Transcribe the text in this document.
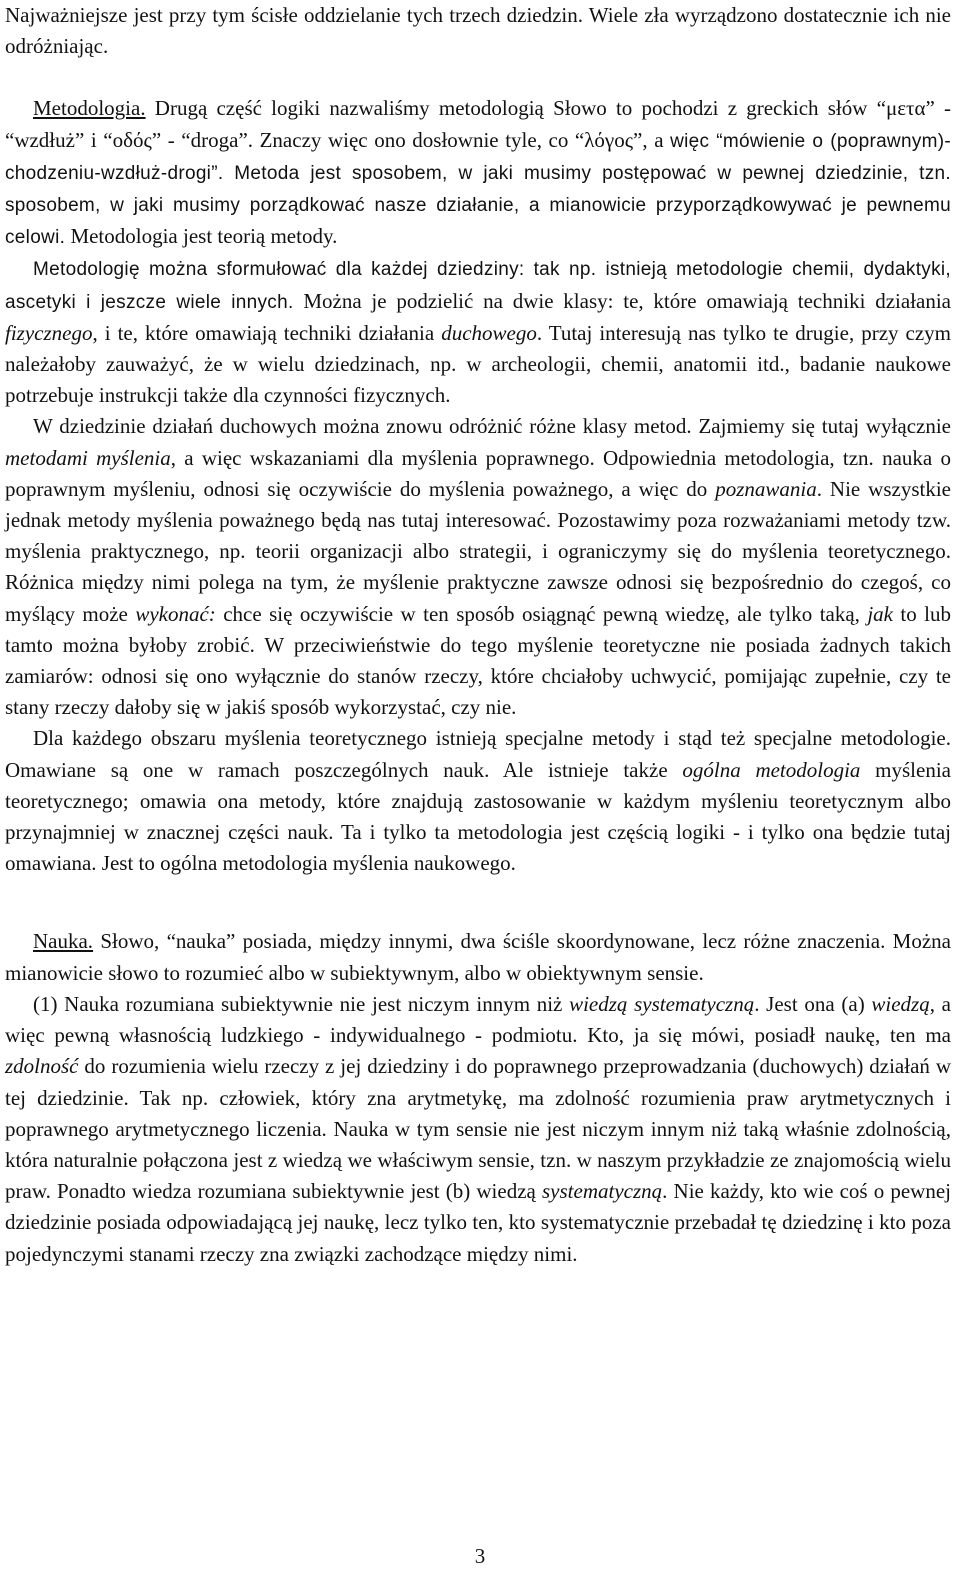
Najważniejsze jest przy tym ścisłe oddzielanie tych trzech dziedzin. Wiele zła wyrządzono dostatecznie ich nie odróżniając.

Metodologia. Drugą część logiki nazwaliśmy metodologią Słowo to pochodzi z greckich słów “μετα” - “wzdłuż” i “οδός” - “droga”. Znaczy więc ono dosłownie tyle, co “λόγος”, a więc “mówienie o (poprawnym)-chodzeniu-wzdłuż-drogi”. Metoda jest sposobem, w jaki musimy postępować w pewnej dziedzinie, tzn. sposobem, w jaki musimy porządkować nasze działanie, a mianowicie przyporządkowywać je pewnemu celowi. Metodologia jest teorią metody.

Metodologię można sformułować dla każdej dziedziny: tak np. istnieją metodologie chemii, dydaktyki, ascetyki i jeszcze wiele innych. Można je podzielić na dwie klasy: te, które omawiają techniki działania fizycznego, i te, które omawiają techniki działania duchowego. Tutaj interesują nas tylko te drugie, przy czym należałoby zauważyć, że w wielu dziedzinach, np. w archeologii, chemii, anatomii itd., badanie naukowe potrzebuje instrukcji także dla czynności fizycznych.

W dziedzinie działań duchowych można znowu odróżnić różne klasy metod. Zajmiemy się tutaj wyłącznie metodami myślenia, a więc wskazaniami dla myślenia poprawnego. Odpowiednia metodologia, tzn. nauka o poprawnym myśleniu, odnosi się oczywiście do myślenia poważnego, a więc do poznawania. Nie wszystkie jednak metody myślenia poważnego będą nas tutaj interesować. Pozostawimy poza rozważaniami metody tzw. myślenia praktycznego, np. teorii organizacji albo strategii, i ograniczymy się do myślenia teoretycznego. Różnica między nimi polega na tym, że myślenie praktyczne zawsze odnosi się bezpośrednio do czegoś, co myślący może wykonać: chce się oczywiście w ten sposób osiągnąć pewną wiedzę, ale tylko taką, jak to lub tamto można byłoby zrobić. W przeciwieństwie do tego myślenie teoretyczne nie posiada żadnych takich zamiarów: odnosi się ono wyłącznie do stanów rzeczy, które chciałoby uchwycić, pomijając zupełnie, czy te stany rzeczy dałoby się w jakiś sposób wykorzystać, czy nie.

Dla każdego obszaru myślenia teoretycznego istnieją specjalne metody i stąd też specjalne metodologie. Omawiane są one w ramach poszczególnych nauk. Ale istnieje także ogólna metodologia myślenia teoretycznego; omawia ona metody, które znajdują zastosowanie w każdym myśleniu teoretycznym albo przynajmniej w znacznej części nauk. Ta i tylko ta metodologia jest częścią logiki - i tylko ona będzie tutaj omawiana. Jest to ogólna metodologia myślenia naukowego.

Nauka. Słowo, “nauka” posiada, między innymi, dwa ściśle skoordynowane, lecz różne znaczenia. Można mianowicie słowo to rozumieć albo w subiektywnym, albo w obiektywnym sensie.

(1) Nauka rozumiana subiektywnie nie jest niczym innym niż wiedzą systematyczną. Jest ona (a) wiedzą, a więc pewną własnością ludzkiego - indywidualnego - podmiotu. Kto, ja się mówi, posiadł naukę, ten ma zdolność do rozumienia wielu rzeczy z jej dziedziny i do poprawnego przeprowadzania (duchowych) działań w tej dziedzinie. Tak np. człowiek, który zna arytmetykę, ma zdolność rozumienia praw arytmetycznych i poprawnego arytmetycznego liczenia. Nauka w tym sensie nie jest niczym innym niż taką właśnie zdolnością, która naturalnie połączona jest z wiedzą we właściwym sensie, tzn. w naszym przykładzie ze znajomością wielu praw. Ponadto wiedza rozumiana subiektywnie jest (b) wiedzą systematyczną. Nie każdy, kto wie coś o pewnej dziedzinie posiada odpowiadającą jej naukę, lecz tylko ten, kto systematycznie przebadał tę dziedzinę i kto poza pojedynczymi stanami rzeczy zna związki zachodzące między nimi.

3
